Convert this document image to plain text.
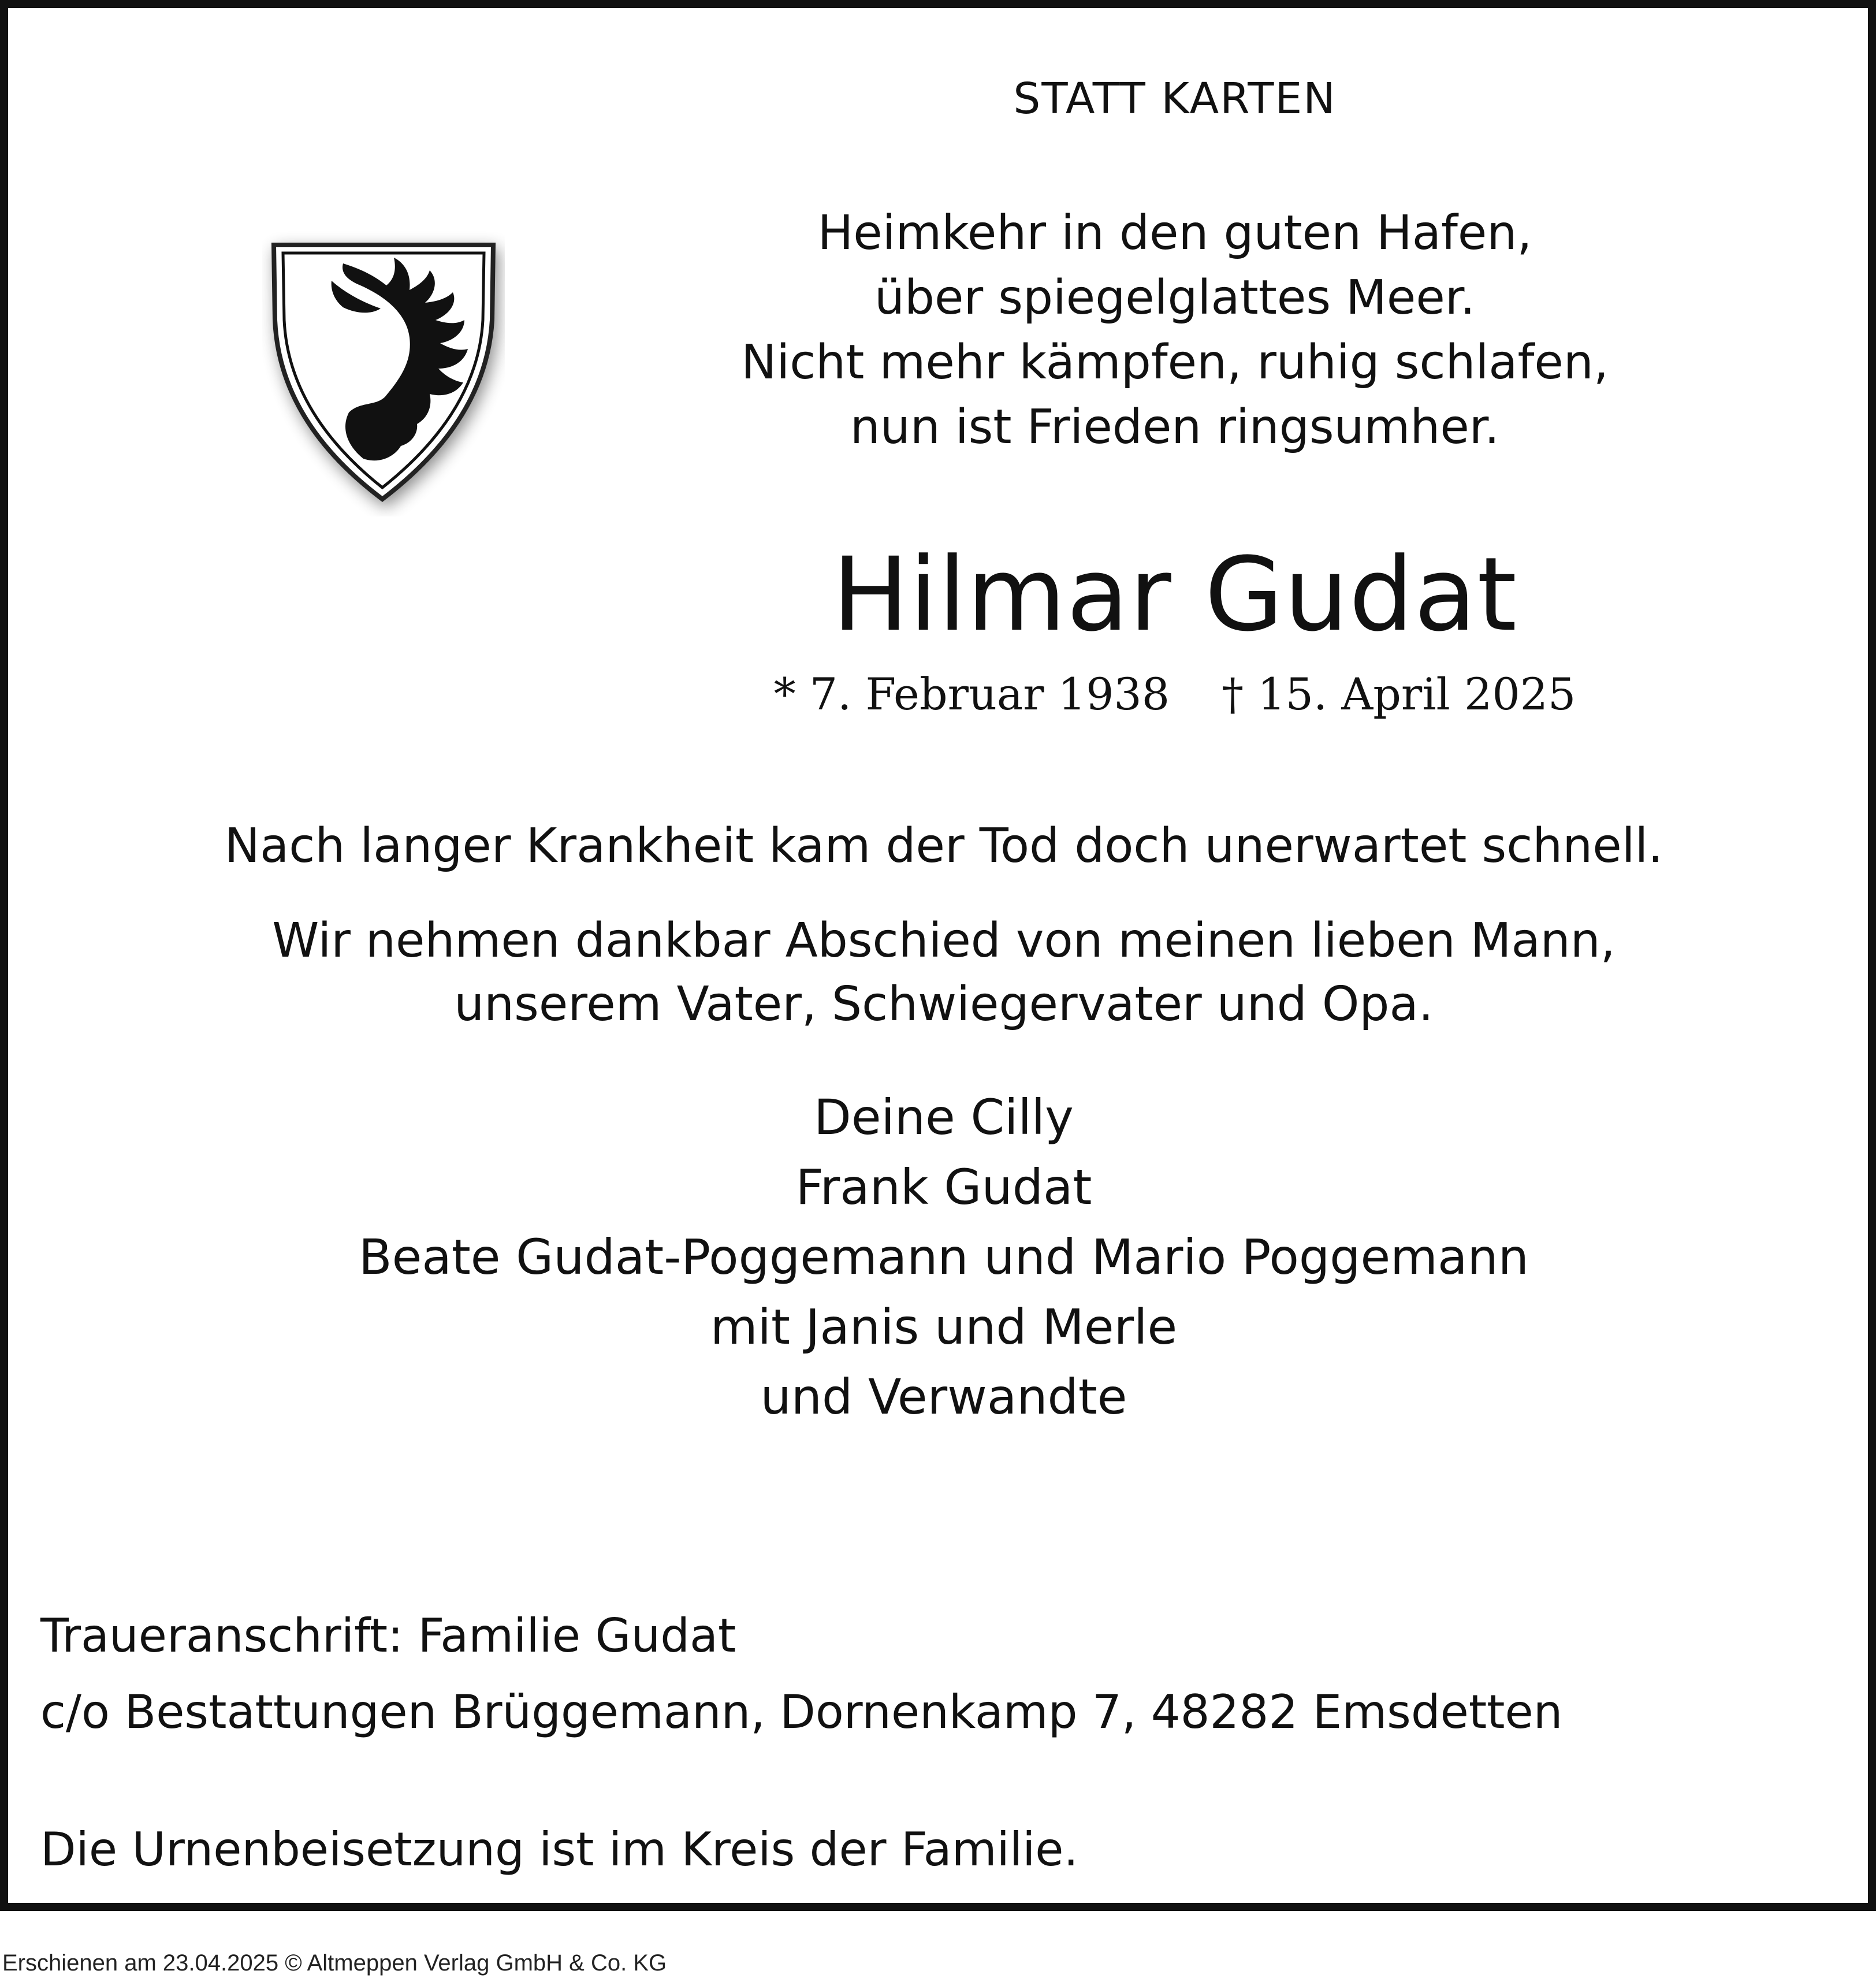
STATT KARTEN
Heimkehr in den guten Hafen,
über spiegelglattes Meer.
Nicht mehr kämpfen, ruhig schlafen,
nun ist Frieden ringsumher.
Hilmar Gudat
* 7. Februar 1938 † 15. April 2025
Nach langer Krankheit kam der Tod doch unerwartet schnell.
Wir nehmen dankbar Abschied von meinen lieben Mann,
unserem Vater, Schwiegervater und Opa.
Deine Cilly
Frank Gudat
Beate Gudat-Poggemann und Mario Poggemann
mit Janis und Merle
und Verwandte
Traueranschrift: Familie Gudat
c/o Bestattungen Brüggemann, Dornenkamp 7, 48282 Emsdetten
Die Urnenbeisetzung ist im Kreis der Familie.
Erschienen am 23.04.2025 © Altmeppen Verlag GmbH & Co. KG
